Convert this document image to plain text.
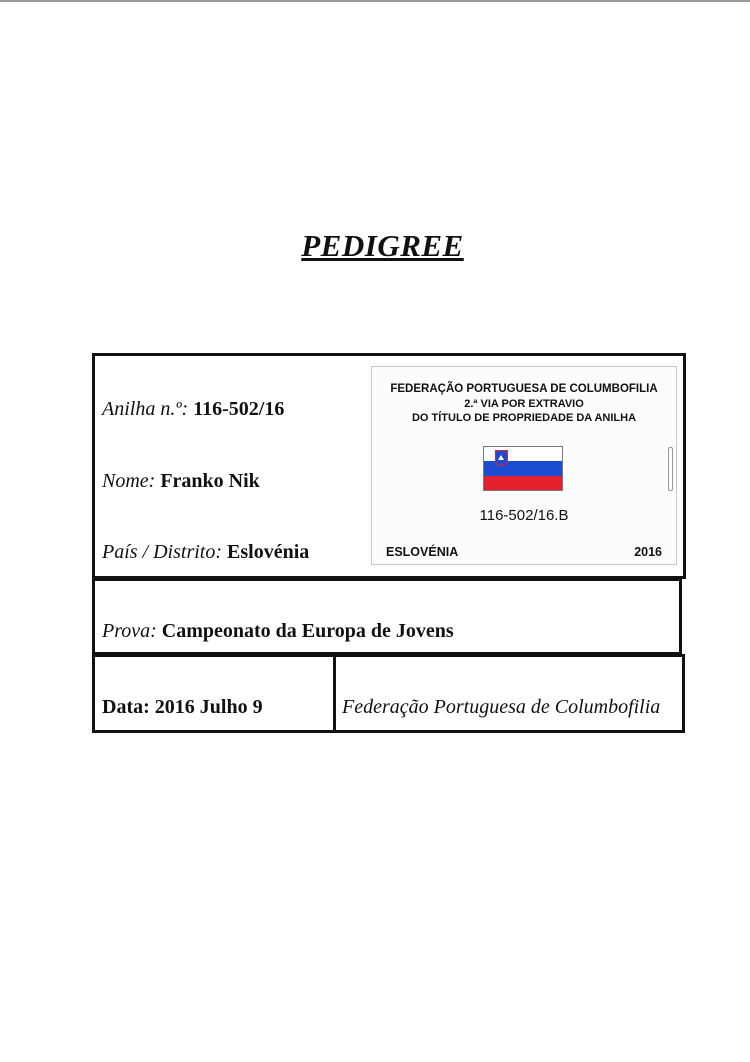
PEDIGREE
Anilha n.º: 116-502/16
Nome: Franko Nik
País / Distrito: Eslovénia
FEDERAÇÃO PORTUGUESA DE COLUMBOFILIA
2.ª VIA POR EXTRAVIO
DO TÍTULO DE PROPRIEDADE DA ANILHA
116-502/16.B
ESLOVÉNIA	2016
Prova: Campeonato da Europa de Jovens
Data: 2016 Julho 9	Federação Portuguesa de Columbofilia
